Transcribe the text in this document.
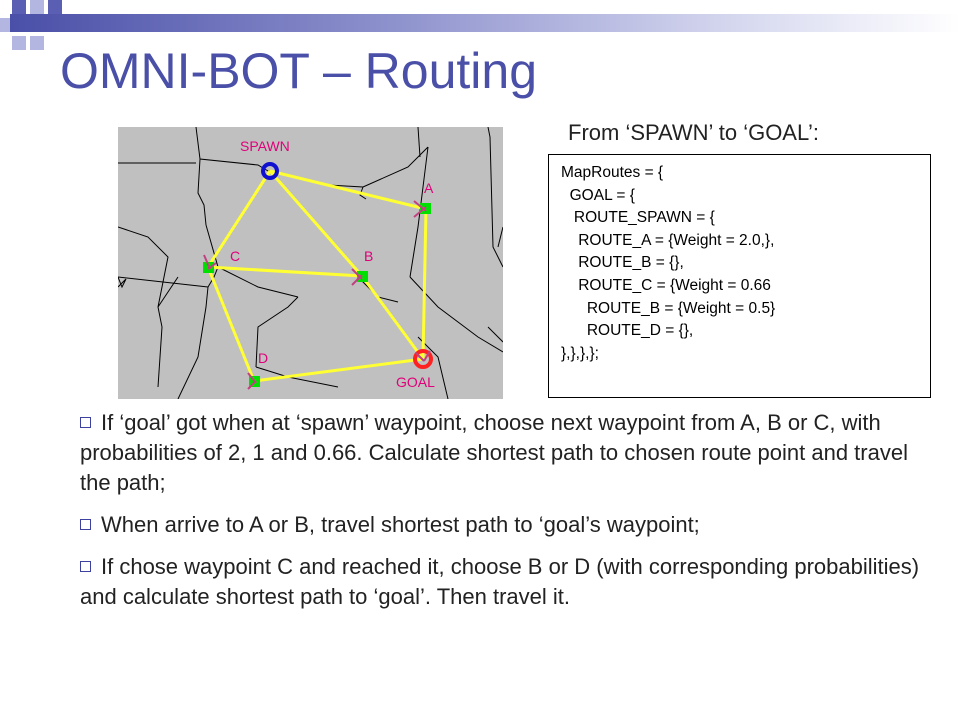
OMNI-BOT – Routing
From ‘SPAWN’ to ‘GOAL’:
SPAWN
A
B
C
D
GOAL
MapRoutes = {
GOAL = {
ROUTE_SPAWN = {
ROUTE_A = {Weight = 2.0,},
ROUTE_B = {},
ROUTE_C = {Weight = 0.66
ROUTE_B = {Weight = 0.5}
ROUTE_D = {},
},},},};
If ‘goal’ got when at ‘spawn’ waypoint, choose next waypoint from A, B or C, with probabilities of 2, 1 and 0.66. Calculate shortest path to chosen route point and travel the path;
When arrive to A or B, travel shortest path to ‘goal’s waypoint;
If chose waypoint C and reached it, choose B or D (with corresponding probabilities) and calculate shortest path to ‘goal’. Then travel it.
